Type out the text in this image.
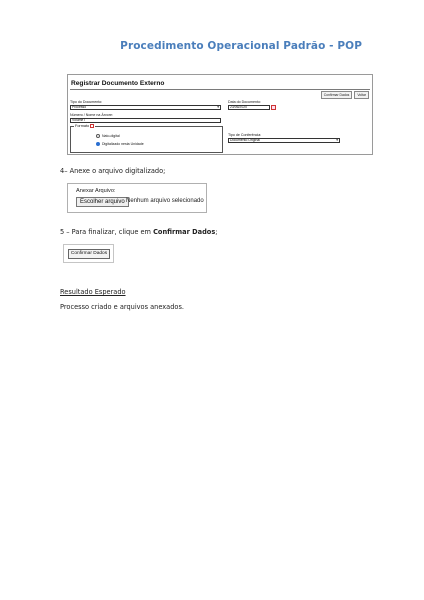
Procedimento Operacional Padrão - POP
Registrar Documento Externo
Confirmar Dados	Voltar
Tipo do Documento:
Processo	▾
Data do Documento:
23/06/2020
Número / Nome na Árvore:
Volume I
Formato
Nato-digital
Digitalizado nesta Unidade
Tipo de Conferência:
Documento Original	▾
4– Anexe o arquivo digitalizado;
Anexar Arquivo:
Escolher arquivo Nenhum arquivo selecionado
5 – Para finalizar, clique em Confirmar Dados;
Confirmar Dados
Resultado Esperado
Processo criado e arquivos anexados.
